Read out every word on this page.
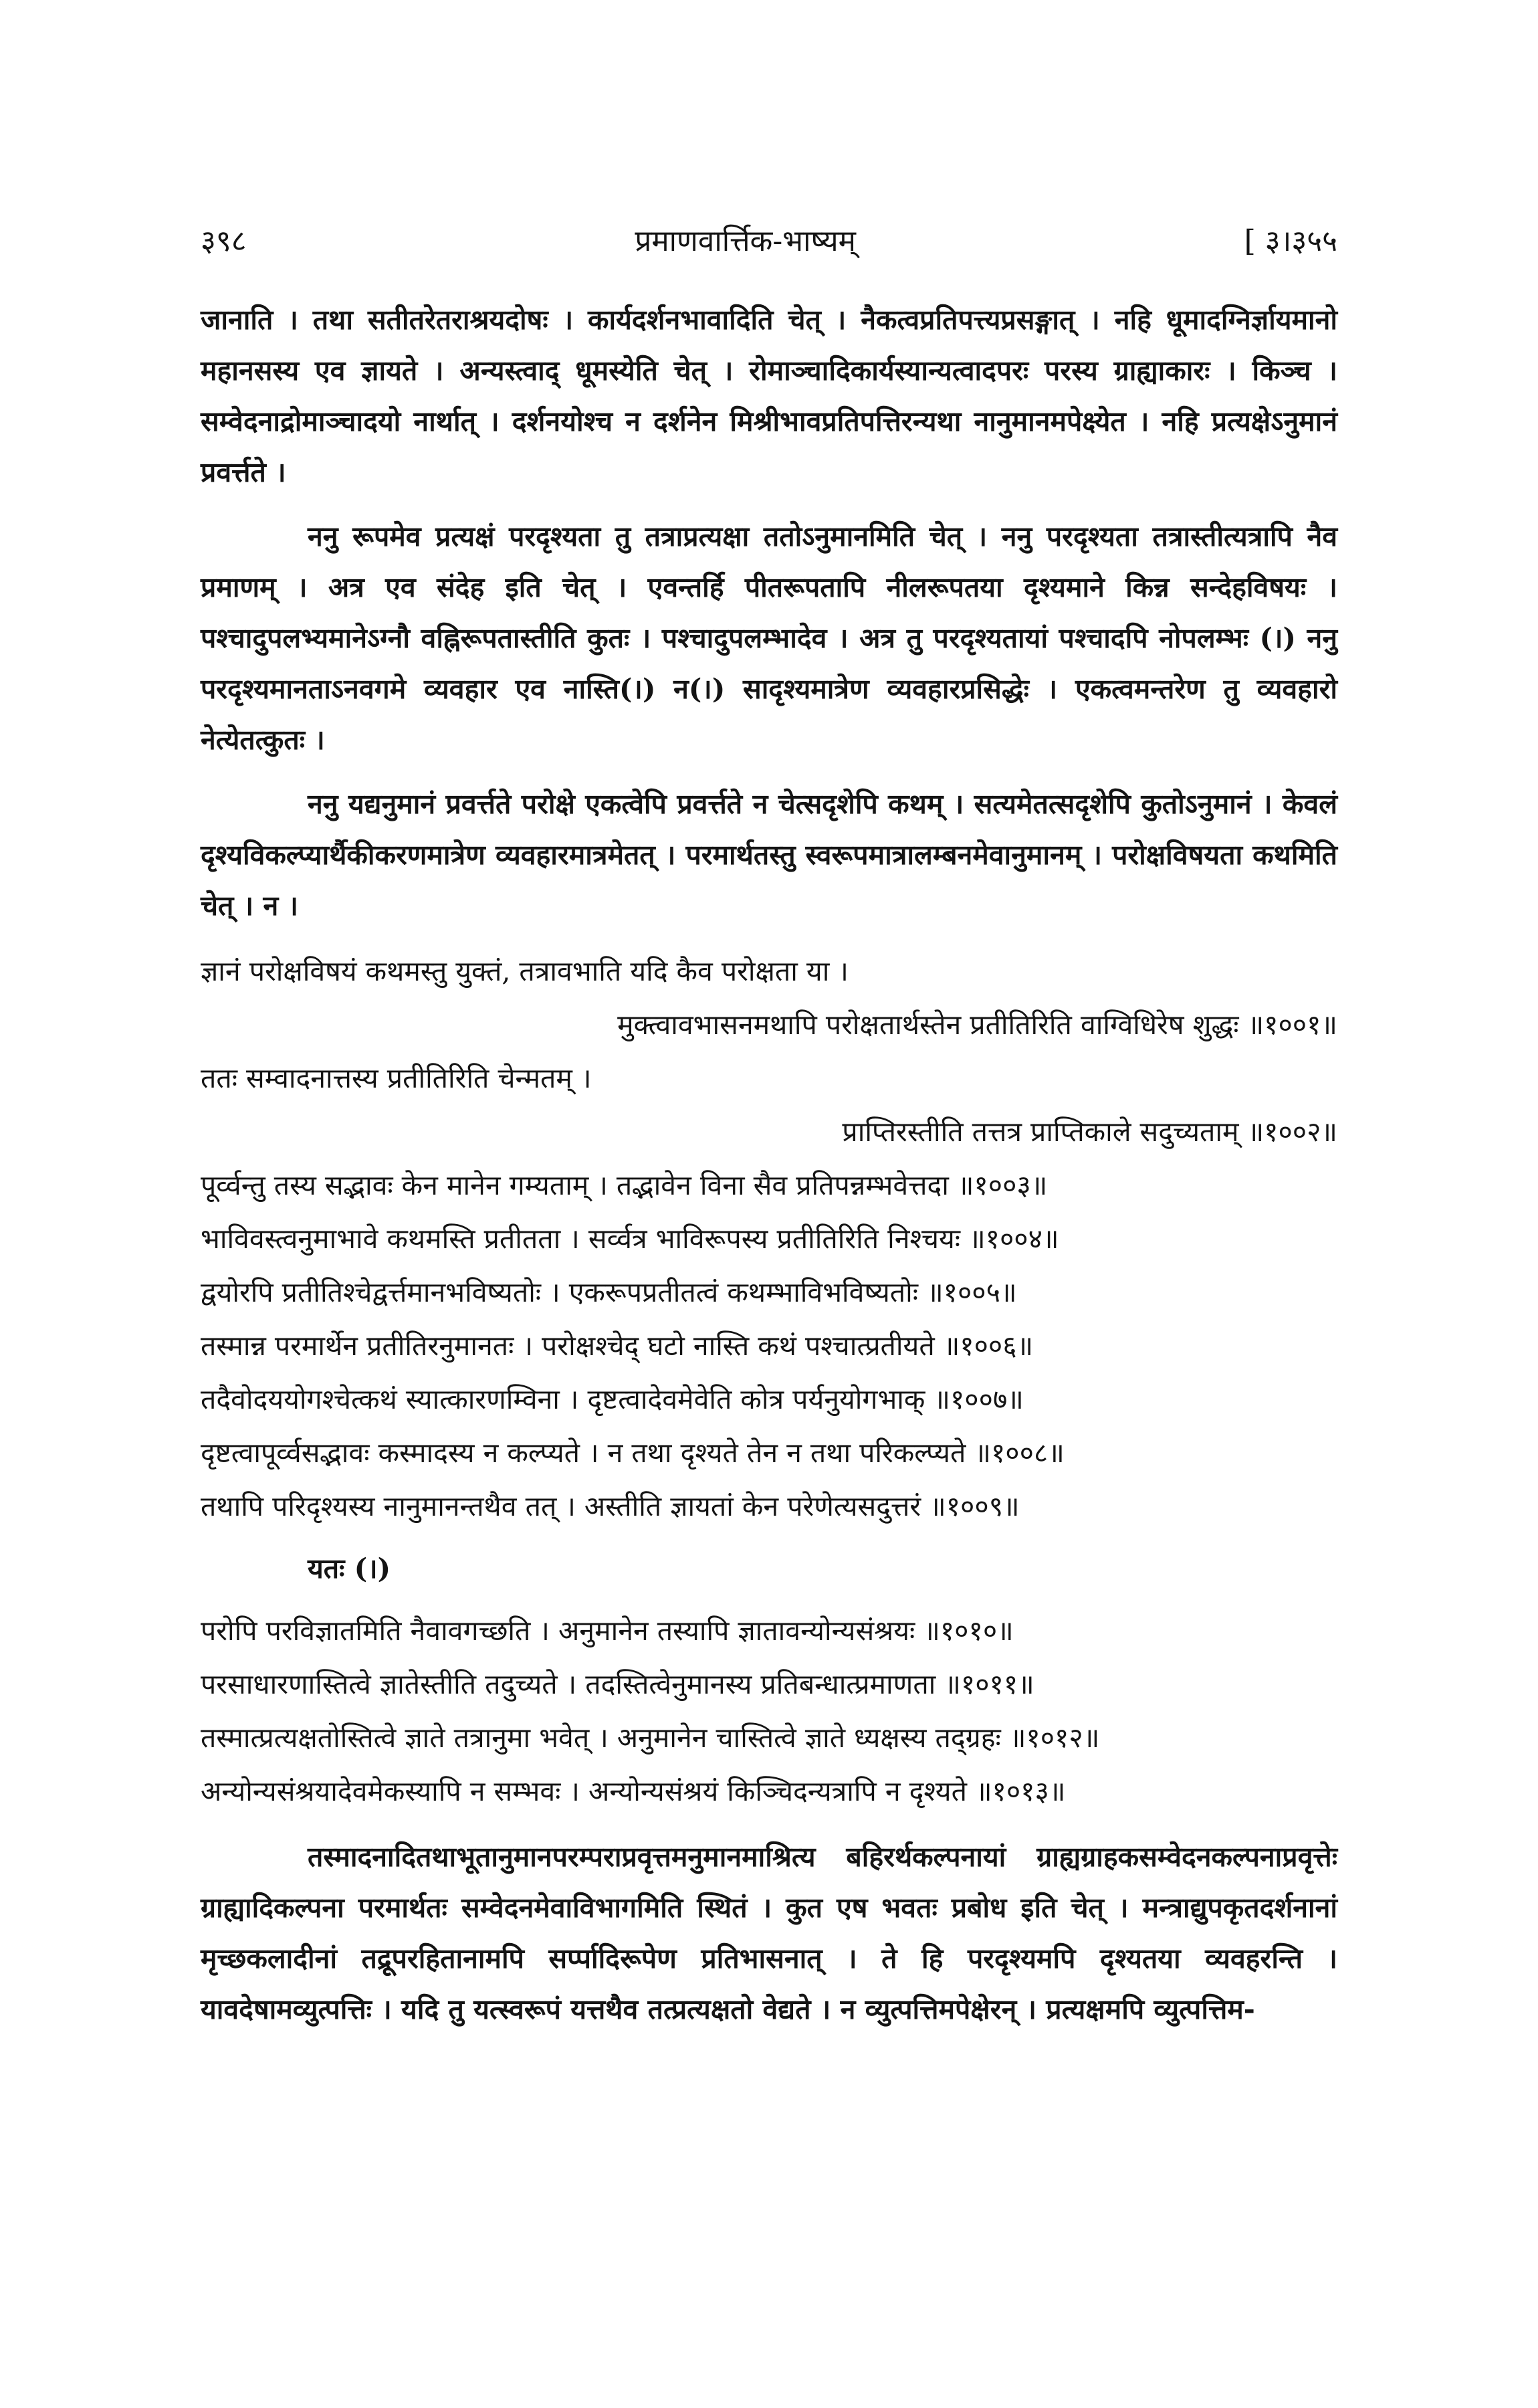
३९८	प्रमाणवार्त्तिक-भाष्यम्	[ ३।३५५

जानाति । तथा सतीतरेतराश्रयदोषः । कार्यदर्शनभावादिति चेत् । नैकत्वप्रतिपत्त्यप्रसङ्गात् । नहि धूमादग्निर्ज्ञायमानो महानसस्य एव ज्ञायते । अन्यस्त्वाद् धूमस्येति चेत् । रोमाञ्चादिकार्यस्यान्यत्वादपरः परस्य ग्राह्याकारः । किञ्च । सम्वेदनाद्रोमाञ्चादयो नार्थात् । दर्शनयोश्च न दर्शनेन मिश्रीभावप्रतिपत्तिरन्यथा नानुमानमपेक्ष्येत । नहि प्रत्यक्षेऽनुमानं प्रवर्त्तते ।

ननु रूपमेव प्रत्यक्षं परदृश्यता तु तत्राप्रत्यक्षा ततोऽनुमानमिति चेत् । ननु परदृश्यता तत्रास्तीत्यत्रापि नैव प्रमाणम् । अत्र एव संदेह इति चेत् । एवन्तर्हि पीतरूपतापि नीलरूपतया दृश्यमाने किन्न सन्देहविषयः । पश्चादुपलभ्यमानेऽग्नौ वह्निरूपतास्तीति कुतः । पश्चादुपलम्भादेव । अत्र तु परदृश्यतायां पश्चादपि नोपलम्भः (।) ननु परदृश्यमानताऽनवगमे व्यवहार एव नास्ति(।) न(।) सादृश्यमात्रेण व्यवहारप्रसिद्धेः । एकत्वमन्तरेण तु व्यवहारो नेत्येतत्कुतः ।

ननु यद्यनुमानं प्रवर्त्तते परोक्षे एकत्वेपि प्रवर्त्तते न चेत्सदृशेपि कथम् । सत्यमेतत्सदृशेपि कुतोऽनुमानं । केवलं दृश्यविकल्प्यार्थैकीकरणमात्रेण व्यवहारमात्रमेतत् । परमार्थतस्तु स्वरूपमात्रालम्बनमेवानुमानम् । परोक्षविषयता कथमिति चेत् । न ।

ज्ञानं परोक्षविषयं कथमस्तु युक्तं, तत्रावभाति यदि कैव परोक्षता या ।

मुक्त्वावभासनमथापि परोक्षतार्थस्तेन प्रतीतिरिति वाग्विधिरेष शुद्धः ॥१००१॥

ततः सम्वादनात्तस्य प्रतीतिरिति चेन्मतम् ।

प्राप्तिरस्तीति तत्तत्र प्राप्तिकाले सदुच्यताम् ॥१००२॥

पूर्व्वन्तु तस्य सद्भावः केन मानेन गम्यताम् । तद्भावेन विना सैव प्रतिपन्नम्भवेत्तदा ॥१००३॥

भाविवस्त्वनुमाभावे कथमस्ति प्रतीतता । सर्व्वत्र भाविरूपस्य प्रतीतिरिति निश्चयः ॥१००४॥

द्वयोरपि प्रतीतिश्चेद्वर्त्तमानभविष्यतोः । एकरूपप्रतीतत्वं कथम्भाविभविष्यतोः ॥१००५॥

तस्मान्न परमार्थेन प्रतीतिरनुमानतः । परोक्षश्चेद् घटो नास्ति कथं पश्चात्प्रतीयते ॥१००६॥

तदैवोदययोगश्चेत्कथं स्यात्कारणम्विना । दृष्टत्वादेवमेवेति कोत्र पर्यनुयोगभाक् ॥१००७॥

दृष्टत्वापूर्व्वसद्भावः कस्मादस्य न कल्प्यते । न तथा दृश्यते तेन न तथा परिकल्प्यते ॥१००८॥

तथापि परिदृश्यस्य नानुमानन्तथैव तत् । अस्तीति ज्ञायतां केन परेणेत्यसदुत्तरं ॥१००९॥

यतः (।)

परोपि परविज्ञातमिति नैवावगच्छति । अनुमानेन तस्यापि ज्ञातावन्योन्यसंश्रयः ॥१०१०॥

परसाधारणास्तित्वे ज्ञातेस्तीति तदुच्यते । तदस्तित्वेनुमानस्य प्रतिबन्धात्प्रमाणता ॥१०११॥

तस्मात्प्रत्यक्षतोस्तित्वे ज्ञाते तत्रानुमा भवेत् । अनुमानेन चास्तित्वे ज्ञाते ध्यक्षस्य तद्ग्रहः ॥१०१२॥

अन्योन्यसंश्रयादेवमेकस्यापि न सम्भवः । अन्योन्यसंश्रयं किञ्चिदन्यत्रापि न दृश्यते ॥१०१३॥

तस्मादनादितथाभूतानुमानपरम्पराप्रवृत्तमनुमानमाश्रित्य बहिरर्थकल्पनायां ग्राह्यग्राहकसम्वेदनकल्पनाप्रवृत्तेः ग्राह्यादिकल्पना परमार्थतः सम्वेदनमेवाविभागमिति स्थितं । कुत एष भवतः प्रबोध इति चेत् । मन्त्राद्युपकृतदर्शनानां मृच्छकलादीनां तद्रूपरहितानामपि सर्प्पादिरूपेण प्रतिभासनात् । ते हि परदृश्यमपि दृश्यतया व्यवहरन्ति । यावदेषामव्युत्पत्तिः । यदि तु यत्स्वरूपं यत्तथैव तत्प्रत्यक्षतो वेद्यते । न व्युत्पत्तिमपेक्षेरन् । प्रत्यक्षमपि व्युत्पत्तिम-
